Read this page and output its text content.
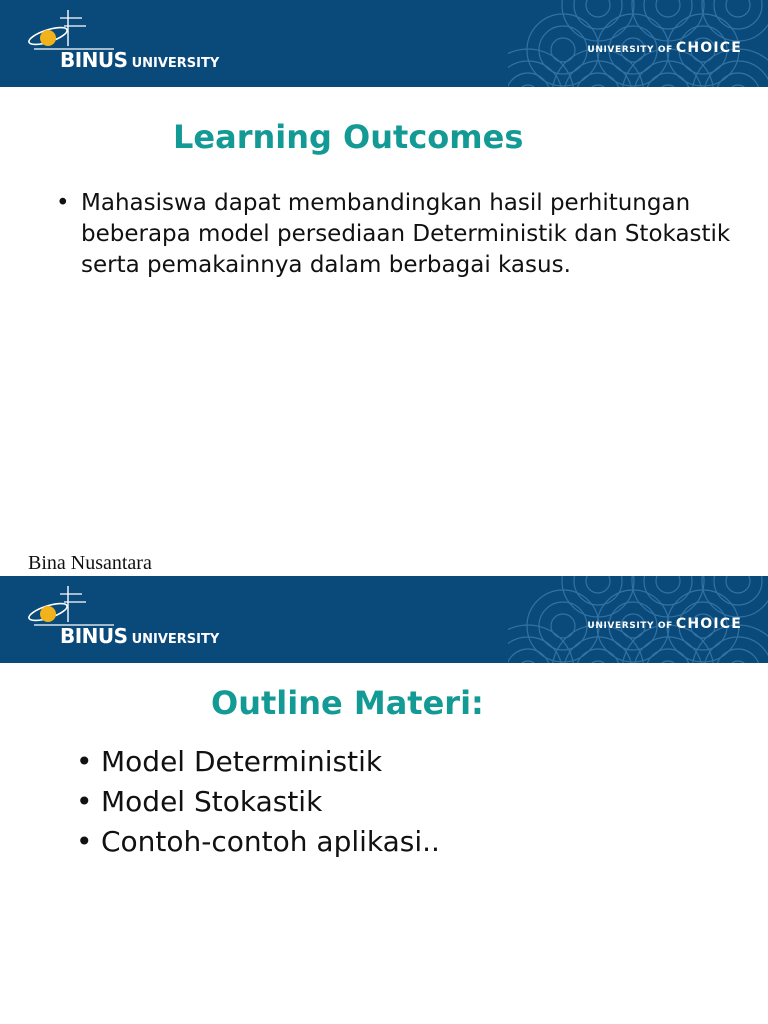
BINUS UNIVERSITY
UNIVERSITY OF CHOICE
Learning Outcomes
• Mahasiswa dapat membandingkan hasil perhitungan beberapa model persediaan Deterministik dan Stokastik serta pemakainnya dalam berbagai kasus.
Bina Nusantara
BINUS UNIVERSITY
UNIVERSITY OF CHOICE
Outline Materi:
• Model Deterministik
• Model Stokastik
• Contoh-contoh aplikasi..
